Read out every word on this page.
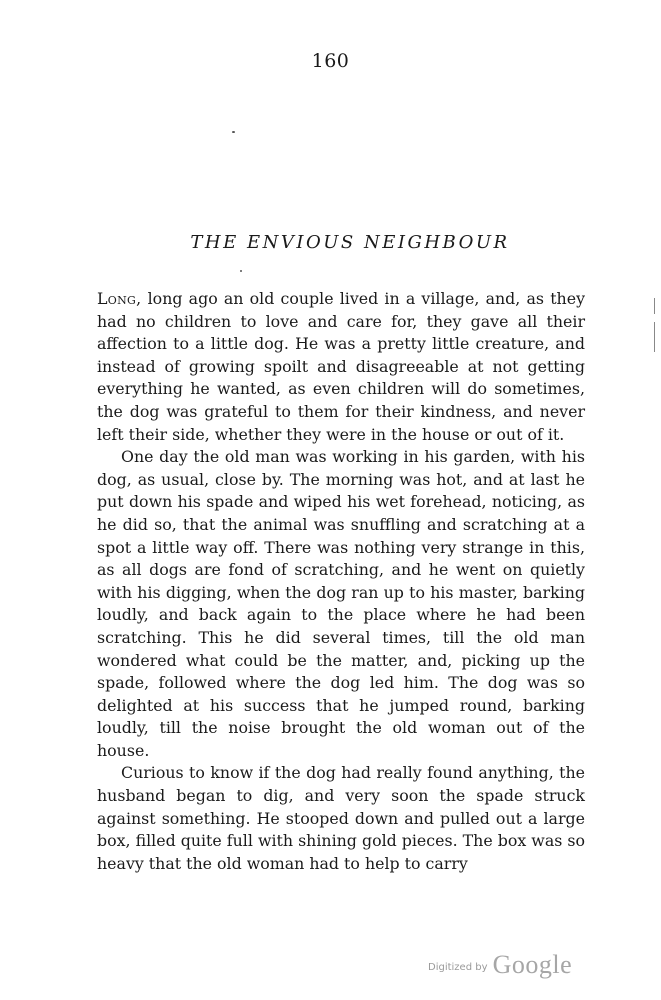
160
THE ENVIOUS NEIGHBOUR

Long, long ago an old couple lived in a village, and, as they had no children to love and care for, they gave all their affection to a little dog. He was a pretty little creature, and instead of growing spoilt and disagreeable at not getting everything he wanted, as even children will do sometimes, the dog was grateful to them for their kindness, and never left their side, whether they were in the house or out of it.

One day the old man was working in his garden, with his dog, as usual, close by. The morning was hot, and at last he put down his spade and wiped his wet forehead, noticing, as he did so, that the animal was snuffling and scratching at a spot a little way off. There was nothing very strange in this, as all dogs are fond of scratching, and he went on quietly with his digging, when the dog ran up to his master, barking loudly, and back again to the place where he had been scratching. This he did several times, till the old man wondered what could be the matter, and, picking up the spade, followed where the dog led him. The dog was so delighted at his success that he jumped round, barking loudly, till the noise brought the old woman out of the house.

Curious to know if the dog had really found anything, the husband began to dig, and very soon the spade struck against something. He stooped down and pulled out a large box, filled quite full with shining gold pieces. The box was so heavy that the old woman had to help to carry

Digitized by Google
